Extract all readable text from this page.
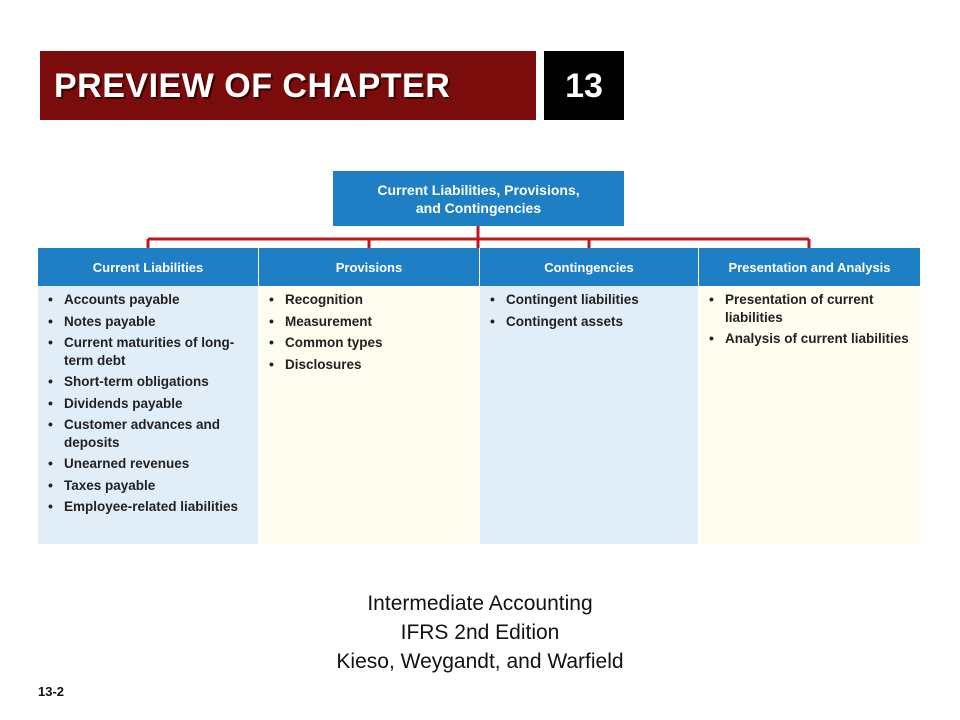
PREVIEW OF CHAPTER	13
Current Liabilities, Provisions,
and Contingencies
Current Liabilities
• Accounts payable
• Notes payable
• Current maturities of long-term debt
• Short-term obligations
• Dividends payable
• Customer advances and deposits
• Unearned revenues
• Taxes payable
• Employee-related liabilities
Provisions
• Recognition
• Measurement
• Common types
• Disclosures
Contingencies
• Contingent liabilities
• Contingent assets
Presentation and Analysis
• Presentation of current liabilities
• Analysis of current liabilities
Intermediate Accounting
IFRS 2nd Edition
Kieso, Weygandt, and Warfield
13-2
